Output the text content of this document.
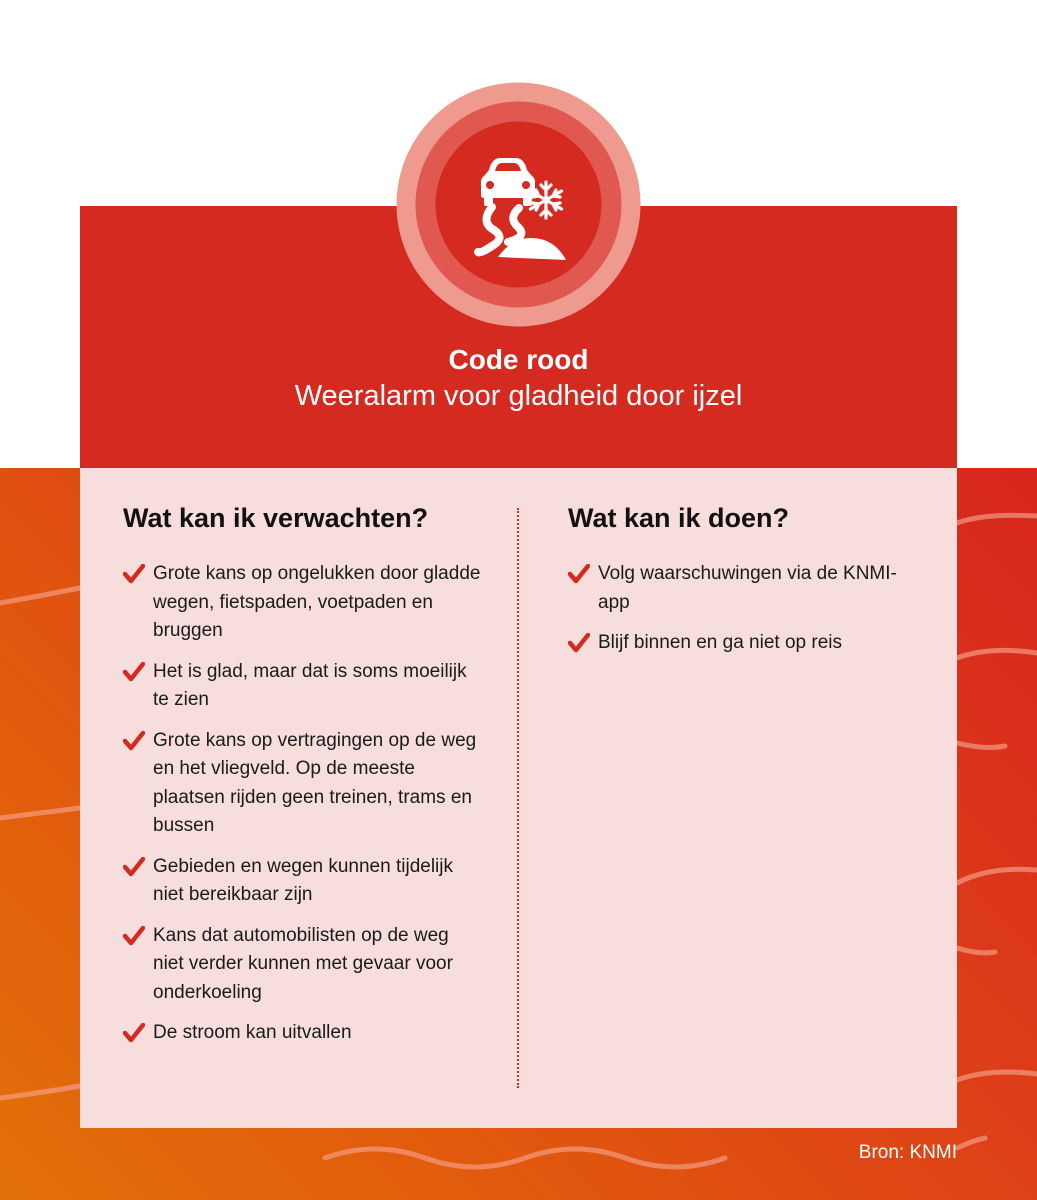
Code rood
Weeralarm voor gladheid door ijzel
Wat kan ik verwachten?
Grote kans op ongelukken door gladde wegen, fietspaden, voetpaden en bruggen
Het is glad, maar dat is soms moeilijk te zien
Grote kans op vertragingen op de weg en het vliegveld. Op de meeste plaatsen rijden geen treinen, trams en bussen
Gebieden en wegen kunnen tijdelijk niet bereikbaar zijn
Kans dat automobilisten op de weg niet verder kunnen met gevaar voor onderkoeling
De stroom kan uitvallen
Wat kan ik doen?
Volg waarschuwingen via de KNMI-app
Blijf binnen en ga niet op reis
Bron: KNMI
